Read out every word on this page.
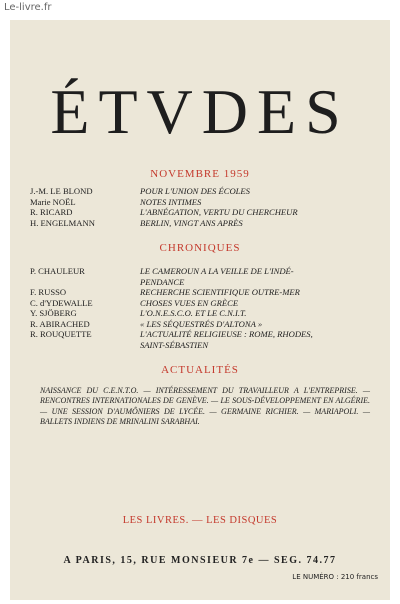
Le-livre.fr
ÉTVDES
NOVEMBRE 1959
J.-M. LE BLOND	POUR L'UNION DES ÉCOLES
Marie NOËL	NOTES INTIMES
R. RICARD	L'ABNÉGATION, VERTU DU CHERCHEUR
H. ENGELMANN	BERLIN, VINGT ANS APRÈS
CHRONIQUES
P. CHAULEUR	LE CAMEROUN A LA VEILLE DE L'INDÉ-
PENDANCE
F. RUSSO	RECHERCHE SCIENTIFIQUE OUTRE-MER
C. d'YDEWALLE	CHOSES VUES EN GRÈCE
Y. SJÖBERG	L'O.N.E.S.C.O. ET LE C.N.I.T.
R. ABIRACHED	« LES SÉQUESTRÉS D'ALTONA »
R. ROUQUETTE	L'ACTUALITÉ RELIGIEUSE : ROME, RHODES,
SAINT-SÉBASTIEN
ACTUALITÉS
NAISSANCE DU C.E.N.T.O. — INTÉRESSEMENT DU TRAVAILLEUR A L'ENTREPRISE. — RENCONTRES INTERNATIONALES DE GENÈVE. — LE SOUS-DÉVELOPPEMENT EN ALGÉRIE. — UNE SESSION D'AUMÔNIERS DE LYCÉE. — GERMAINE RICHIER. — MARIAPOLI. — BALLETS INDIENS DE MRINALINI SARABHAI.
LES LIVRES. — LES DISQUES
A PARIS, 15, RUE MONSIEUR 7e — SEG. 74.77
LE NUMÉRO : 210 francs
